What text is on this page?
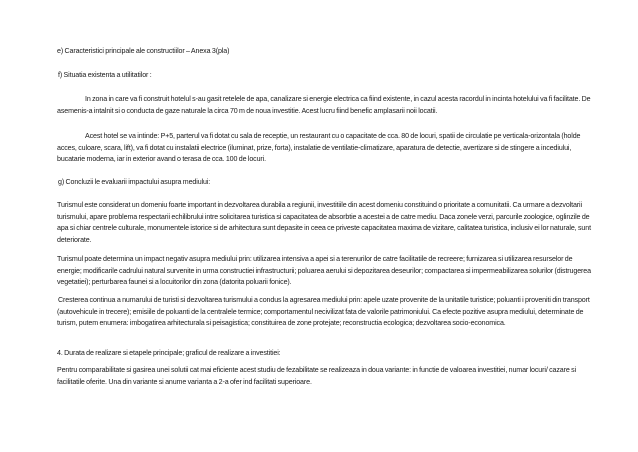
e) Caracteristici principale ale constructiilor – Anexa 3(pla)

f) Situatia existenta a utilitatilor :

In zona in care va fi construit hotelul s-au gasit retelele de apa, canalizare si energie electrica ca fiind existente, in cazul acesta racordul in incinta hotelului va fi facilitate. De asemenis-a intalnit si o conducta de gaze naturale la circa 70 m de noua investitie. Acest lucru fiind benefic amplasarii noii locatii.

Acest hotel se va intinde: P+5, parterul va fi dotat cu sala de receptie, un restaurant cu o capacitate de cca. 80 de locuri, spatii de circulatie pe verticala-orizontala (holde acces, culoare, scara, lift), va fi dotat cu instalatii electrice (iluminat, prize, forta), instalatie de ventilatie-climatizare, aparatura de detectie, avertizare si de stingere a incediului, bucatarie moderna, iar in exterior avand o terasa de cca. 100 de locuri.

g) Concluzii le evaluarii impactului asupra mediului:

Turismul este considerat un domeniu foarte important in dezvoltarea durabila a regiunii, investitiile din acest domeniu constituind o prioritate a comunitatii. Ca urmare a dezvoltarii turismului, apare problema respectarii echilibrului intre solicitarea turistica si capacitatea de absorbtie a acestei a de catre mediu. Daca zonele verzi, parcurile zoologice, oglinzile de apa si chiar centrele culturale, monumentele istorice si de arhitectura sunt depasite in ceea ce priveste capacitatea maxima de vizitare, calitatea turistica, inclusiv ei lor naturale, sunt deteriorate.

Turismul poate determina un impact negativ asupra mediului prin: utilizarea intensiva a apei si a terenurilor de catre facilitatile de recreere; furnizarea si utilizarea resurselor de energie; modificarile cadrului natural survenite in urma constructiei infrastructurii; poluarea aerului si depozitarea deseurilor; compactarea si impermeabilizarea solurilor (distrugerea vegetatiei); perturbarea faunei si a locuitorilor din zona (datorita poluarii fonice).

Cresterea continua a numarului de turisti si dezvoltarea turismului a condus la agresarea mediului prin: apele uzate provenite de la unitatile turistice; poluanti i proveniti din transport (autovehicule in trecere); emisiile de poluanti de la centralele termice; comportamentul necivilizat fata de valorile patrimoniului. Ca efecte pozitive asupra mediului, determinate de turism, putem enumera: imbogatirea arhitecturala si peisagistica; constituirea de zone protejate; reconstructia ecologica; dezvoltarea socio-economica.

4. Durata de realizare si etapele principale; graficul de realizare a investitiei:

Pentru comparabilitate si gasirea unei solutii cat mai eficiente acest studiu de fezabilitate se realizeaza in doua variante: in functie de valoarea investitiei, numar locuri/ cazare si facilitatile oferite. Una din variante si anume varianta a 2-a ofer ind facilitati superioare.
